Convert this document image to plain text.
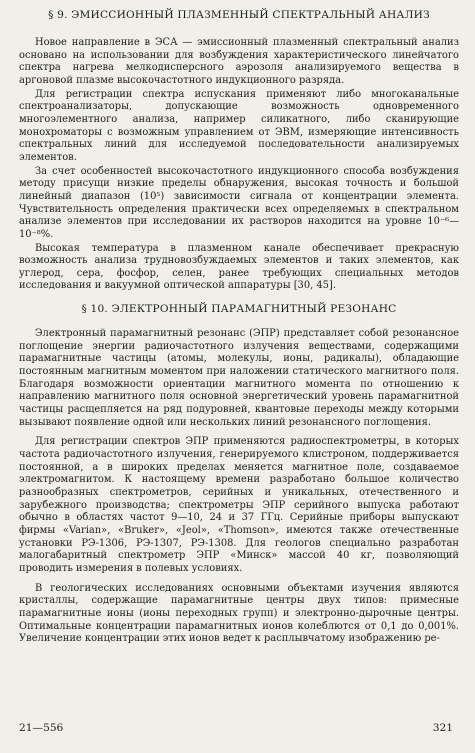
§ 9. ЭМИССИОННЫЙ ПЛАЗМЕННЫЙ СПЕКТРАЛЬНЫЙ АНАЛИЗ

Новое направление в ЭСА — эмиссионный плазменный спектральный анализ основано на использовании для возбуждения характеристического линейчатого спектра нагрева мелкодисперсного аэрозоля анализируемого вещества в аргоновой плазме высокочастотного индукционного разряда.

Для регистрации спектра испускания применяют либо многоканальные спектроанализаторы, допускающие возможность одновременного многоэлементного анализа, например силикатного, либо сканирующие монохроматоры с возможным управлением от ЭВМ, измеряющие интенсивность спектральных линий для исследуемой последовательности анализируемых элементов.

За счет особенностей высокочастотного индукционного способа возбуждения методу присущи низкие пределы обнаружения, высокая точность и большой линейный диапазон (10⁵) зависимости сигнала от концентрации элемента. Чувствительность определения практически всех определяемых в спектральном анализе элементов при исследовании их растворов находится на уровне 10⁻⁶—10⁻⁸%.

Высокая температура в плазменном канале обеспечивает прекрасную возможность анализа трудновозбуждаемых элементов и таких элементов, как углерод, сера, фосфор, селен, ранее требующих специальных методов исследования и вакуумной оптической аппаратуры [30, 45].

§ 10. ЭЛЕКТРОННЫЙ ПАРАМАГНИТНЫЙ РЕЗОНАНС

Электронный парамагнитный резонанс (ЭПР) представляет собой резонансное поглощение энергии радиочастотного излучения веществами, содержащими парамагнитные частицы (атомы, молекулы, ионы, радикалы), обладающие постоянным магнитным моментом при наложении статического магнитного поля. Благодаря возможности ориентации магнитного момента по отношению к направлению магнитного поля основной энергетический уровень парамагнитной частицы расщепляется на ряд подуровней, квантовые переходы между которыми вызывают появление одной или нескольких линий резонансного поглощения.

Для регистрации спектров ЭПР применяются радиоспектрометры, в которых частота радиочастотного излучения, генерируемого клистроном, поддерживается постоянной, а в широких пределах меняется магнитное поле, создаваемое электромагнитом. К настоящему времени разработано большое количество разнообразных спектрометров, серийных и уникальных, отечественного и зарубежного производства; спектрометры ЭПР серийного выпуска работают обычно в областях частот 9—10, 24 и 37 ГГц. Серийные приборы выпускают фирмы «Varian», «Bruker», «Jeol», «Thomson», имеются также отечественные установки РЭ-1306, РЭ-1307, РЭ-1308. Для геологов специально разработан малогабаритный спектрометр ЭПР «Минск» массой 40 кг, позволяющий проводить измерения в полевых условиях.

В геологических исследованиях основными объектами изучения являются кристаллы, содержащие парамагнитные центры двух типов: примесные парамагнитные ионы (ионы переходных групп) и электронно-дырочные центры. Оптимальные концентрации парамагнитных ионов колеблются от 0,1 до 0,001%. Увеличение концентрации этих ионов ведет к расплывчатому изображению ре-

21—556	321
